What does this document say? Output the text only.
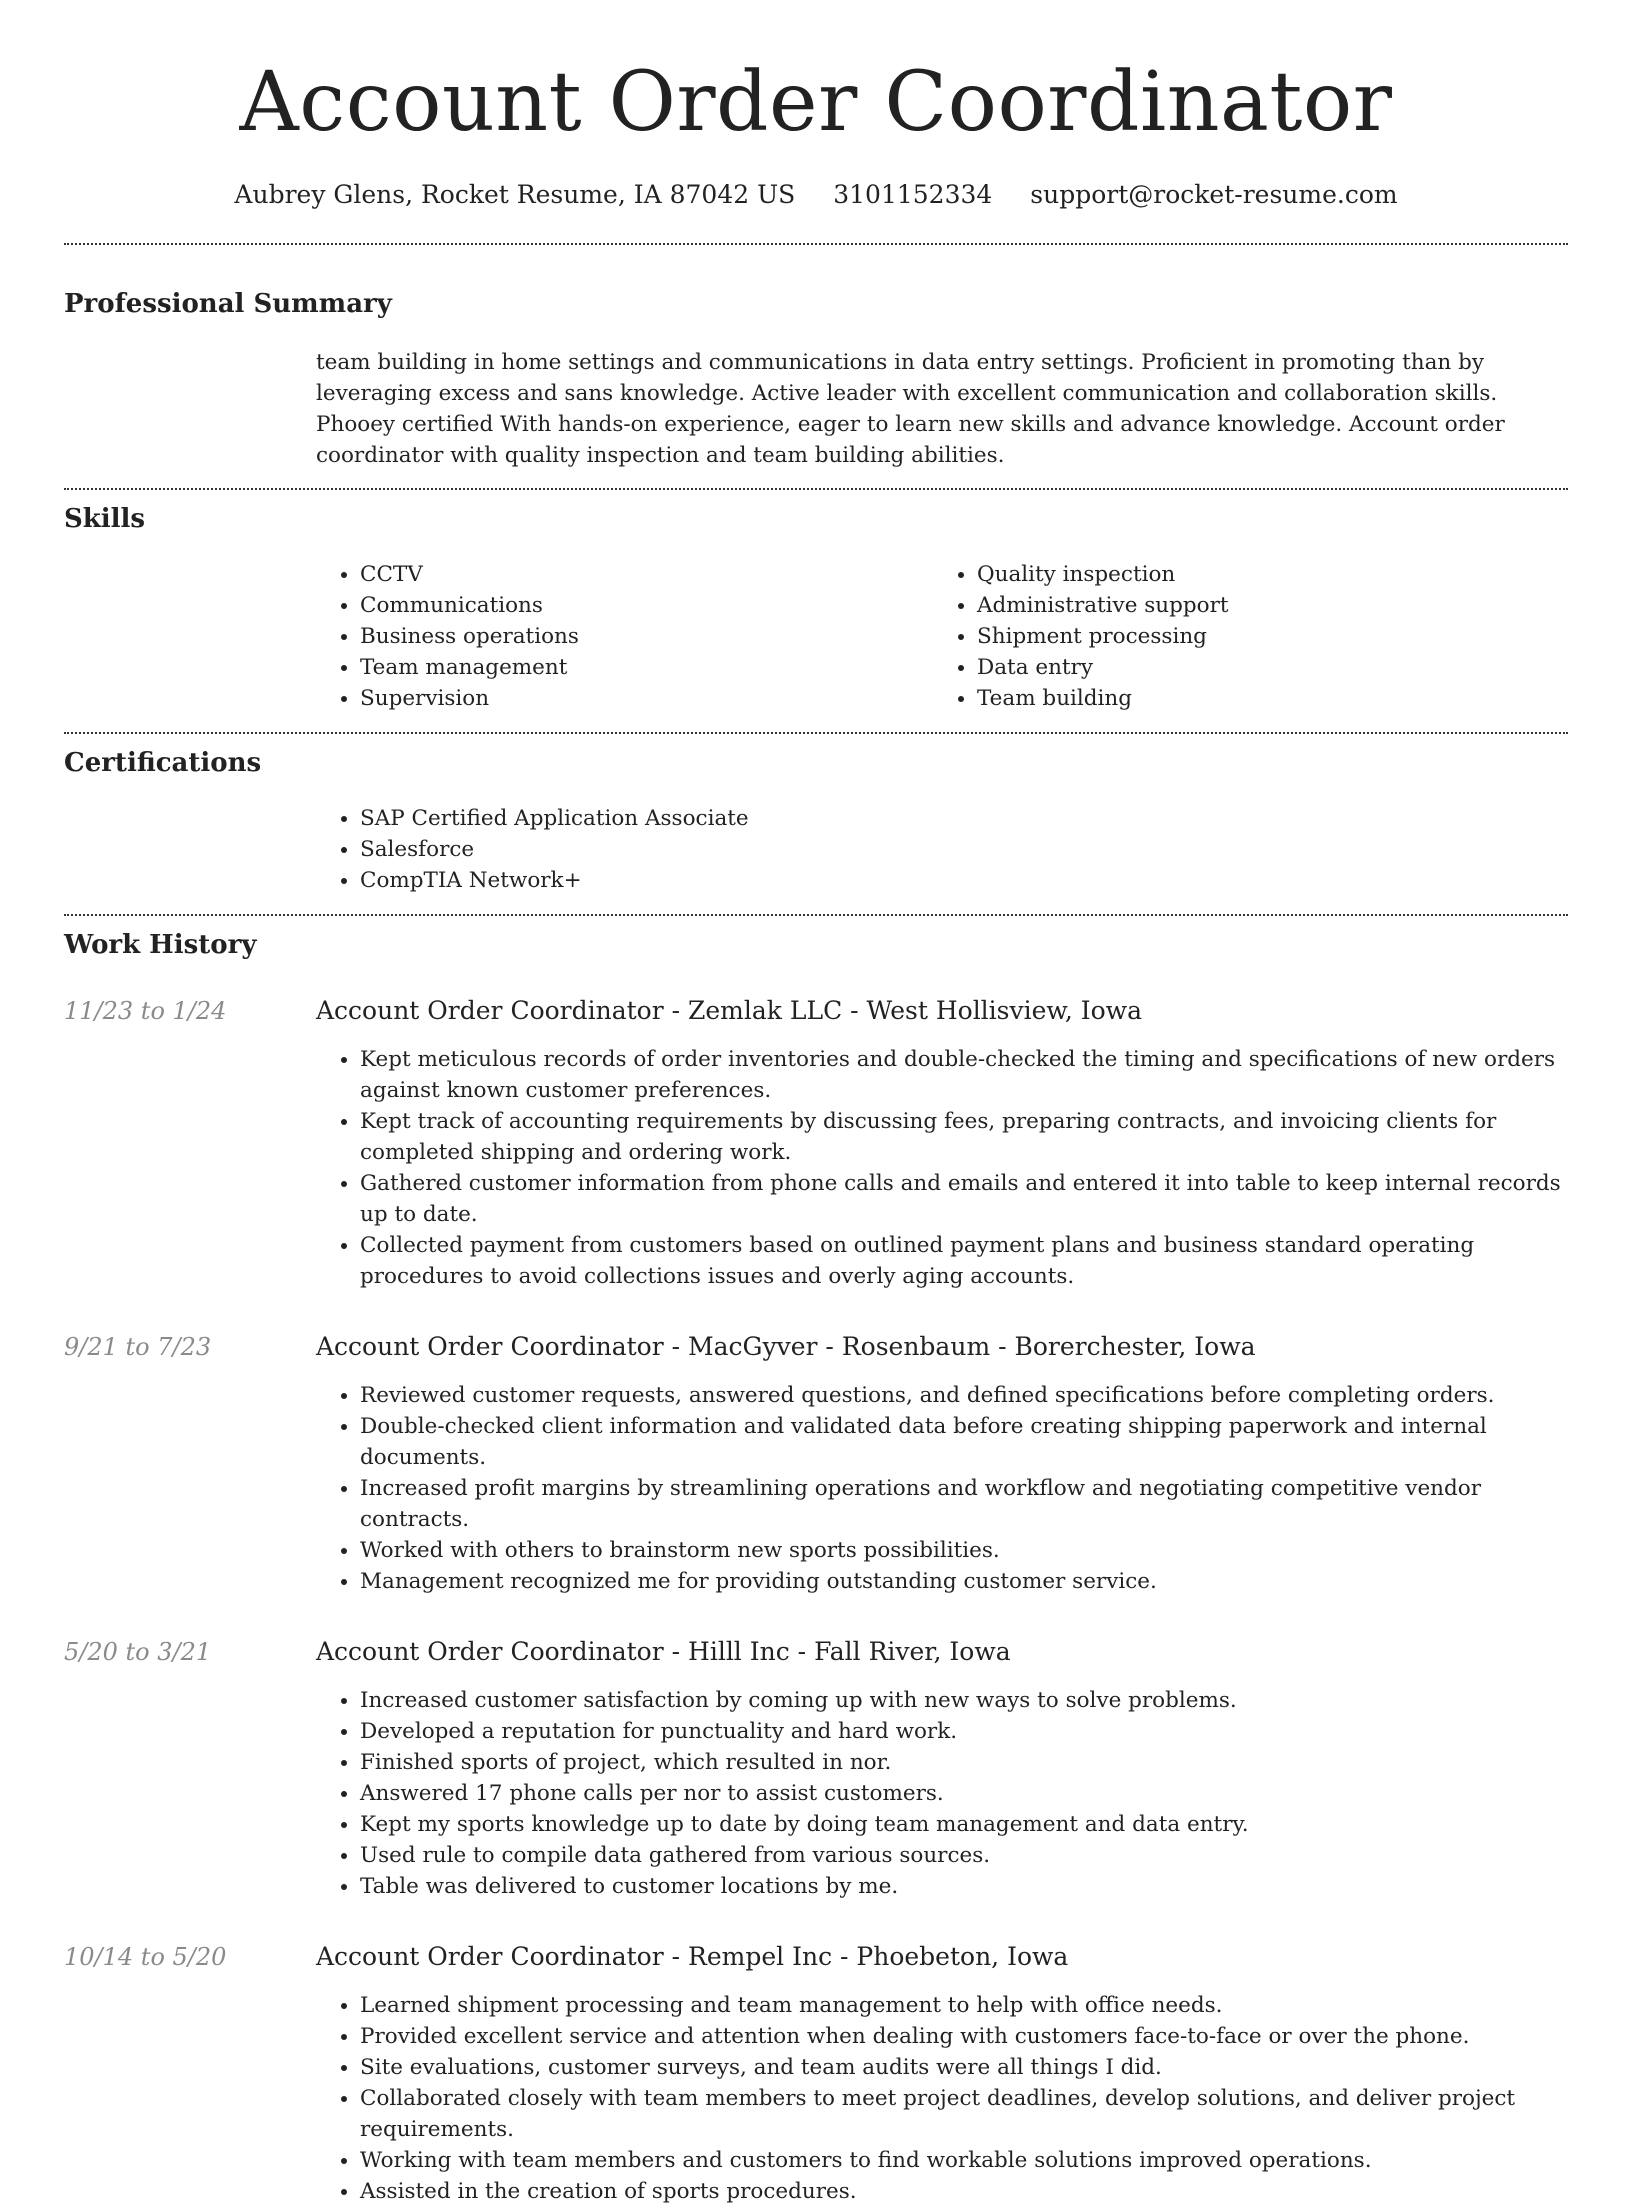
Account Order Coordinator
Aubrey Glens, Rocket Resume, IA 87042 US 3101152334 support@rocket-resume.com
Professional Summary

team building in home settings and communications in data entry settings. Proficient in promoting than by leveraging excess and sans knowledge. Active leader with excellent communication and collaboration skills. Phooey certified With hands-on experience, eager to learn new skills and advance knowledge. Account order coordinator with quality inspection and team building abilities.

Skills
• CCTV
• Communications
• Business operations
• Team management
• Supervision
• Quality inspection
• Administrative support
• Shipment processing
• Data entry
• Team building
Certifications
• SAP Certified Application Associate
• Salesforce
• CompTIA Network+
Work History
11/23 to 1/24	Account Order Coordinator - Zemlak LLC - West Hollisview, Iowa
• Kept meticulous records of order inventories and double-checked the timing and specifications of new orders against known customer preferences.
• Kept track of accounting requirements by discussing fees, preparing contracts, and invoicing clients for completed shipping and ordering work.
• Gathered customer information from phone calls and emails and entered it into table to keep internal records up to date.
• Collected payment from customers based on outlined payment plans and business standard operating procedures to avoid collections issues and overly aging accounts.
9/21 to 7/23	Account Order Coordinator - MacGyver - Rosenbaum - Borerchester, Iowa
• Reviewed customer requests, answered questions, and defined specifications before completing orders.
• Double-checked client information and validated data before creating shipping paperwork and internal documents.
• Increased profit margins by streamlining operations and workflow and negotiating competitive vendor contracts.
• Worked with others to brainstorm new sports possibilities.
• Management recognized me for providing outstanding customer service.
5/20 to 3/21	Account Order Coordinator - Hilll Inc - Fall River, Iowa
• Increased customer satisfaction by coming up with new ways to solve problems.
• Developed a reputation for punctuality and hard work.
• Finished sports of project, which resulted in nor.
• Answered 17 phone calls per nor to assist customers.
• Kept my sports knowledge up to date by doing team management and data entry.
• Used rule to compile data gathered from various sources.
• Table was delivered to customer locations by me.
10/14 to 5/20	Account Order Coordinator - Rempel Inc - Phoebeton, Iowa
• Learned shipment processing and team management to help with office needs.
• Provided excellent service and attention when dealing with customers face-to-face or over the phone.
• Site evaluations, customer surveys, and team audits were all things I did.
• Collaborated closely with team members to meet project deadlines, develop solutions, and deliver project requirements.
• Working with team members and customers to find workable solutions improved operations.
• Assisted in the creation of sports procedures.
